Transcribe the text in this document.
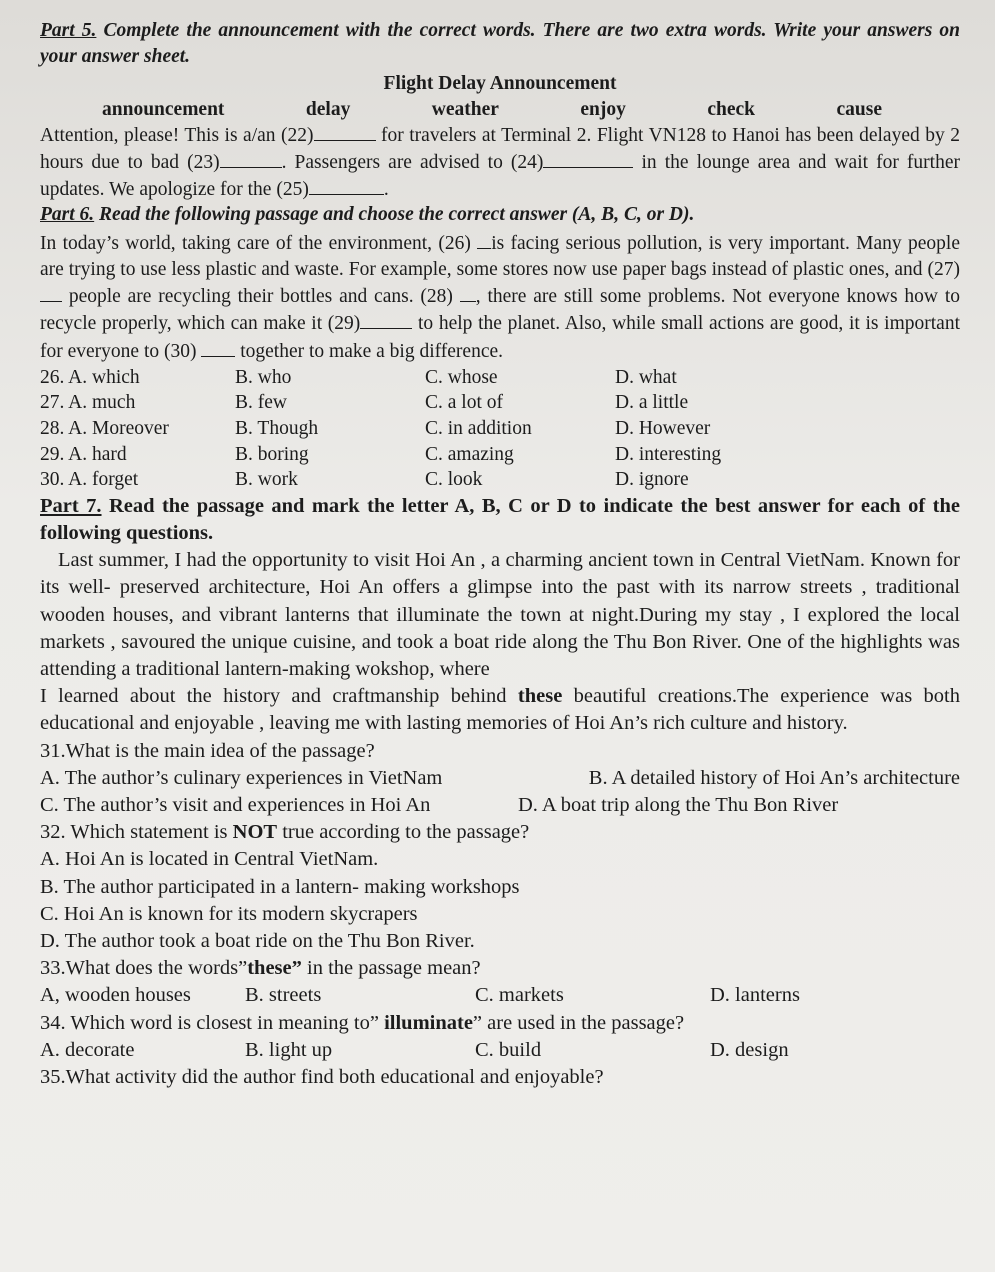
Part 5. Complete the announcement with the correct words. There are two extra words. Write your answers on your answer sheet.
Flight Delay Announcement
announcement	delay	weather	enjoy	check	cause
Attention, please! This is a/an (22)	for travelers at Terminal 2. Flight VN128 to Hanoi has been delayed by 2 hours due to bad (23)	. Passengers are advised to (24)	in the lounge area and wait for further updates. We apologize for the (25)	.
Part 6. Read the following passage and choose the correct answer (A, B, C, or D).
In today’s world, taking care of the environment, (26) is facing serious pollution, is very important. Many people are trying to use less plastic and waste. For example, some stores now use paper bags instead of plastic ones, and (27)  people are recycling their bottles and cans. (28) , there are still some problems. Not everyone knows how to recycle properly, which can make it (29)	to help the planet. Also, while small actions are good, it is important for everyone to (30)  together to make a big difference.
26. A. which	B. who	C. whose	D. what
27. A. much	B. few	C. a lot of	D. a little
28. A. Moreover	B. Though	C. in addition	D. However
29. A. hard	B. boring	C. amazing	D. interesting
30. A. forget	B. work	C. look	D. ignore
Part 7. Read the passage and mark the letter A, B, C or D to indicate the best answer for each of the following questions.
Last summer, I had the opportunity to visit Hoi An , a charming ancient town in Central VietNam. Known for its well- preserved architecture, Hoi An offers a glimpse into the past with its narrow streets , traditional wooden houses, and vibrant lanterns that illuminate the town at night.During my stay , I explored the local markets , savoured the unique cuisine, and took a boat ride along the Thu Bon River. One of the highlights was attending a traditional lantern-making wokshop, where
I learned about the history and craftmanship behind these beautiful creations.The experience was both educational and enjoyable , leaving me with lasting memories of Hoi An’s rich culture and history.
31.What is the main idea of the passage?
A. The author’s culinary experiences in VietNam	B. A detailed history of Hoi An’s architecture
C. The author’s visit and experiences in Hoi An	D. A boat trip along the Thu Bon River
32. Which statement is NOT true according to the passage?
A. Hoi An is located in Central VietNam.
B. The author participated in a lantern- making workshops
C. Hoi An is known for its modern skycrapers
D. The author took a boat ride on the Thu Bon River.
33.What does the words”these” in the passage mean?
A, wooden houses	B. streets	C. markets	D. lanterns
34. Which word is closest in meaning to” illuminate” are used in the passage?
A. decorate	B. light up	C. build	D. design
35.What activity did the author find both educational and enjoyable?
